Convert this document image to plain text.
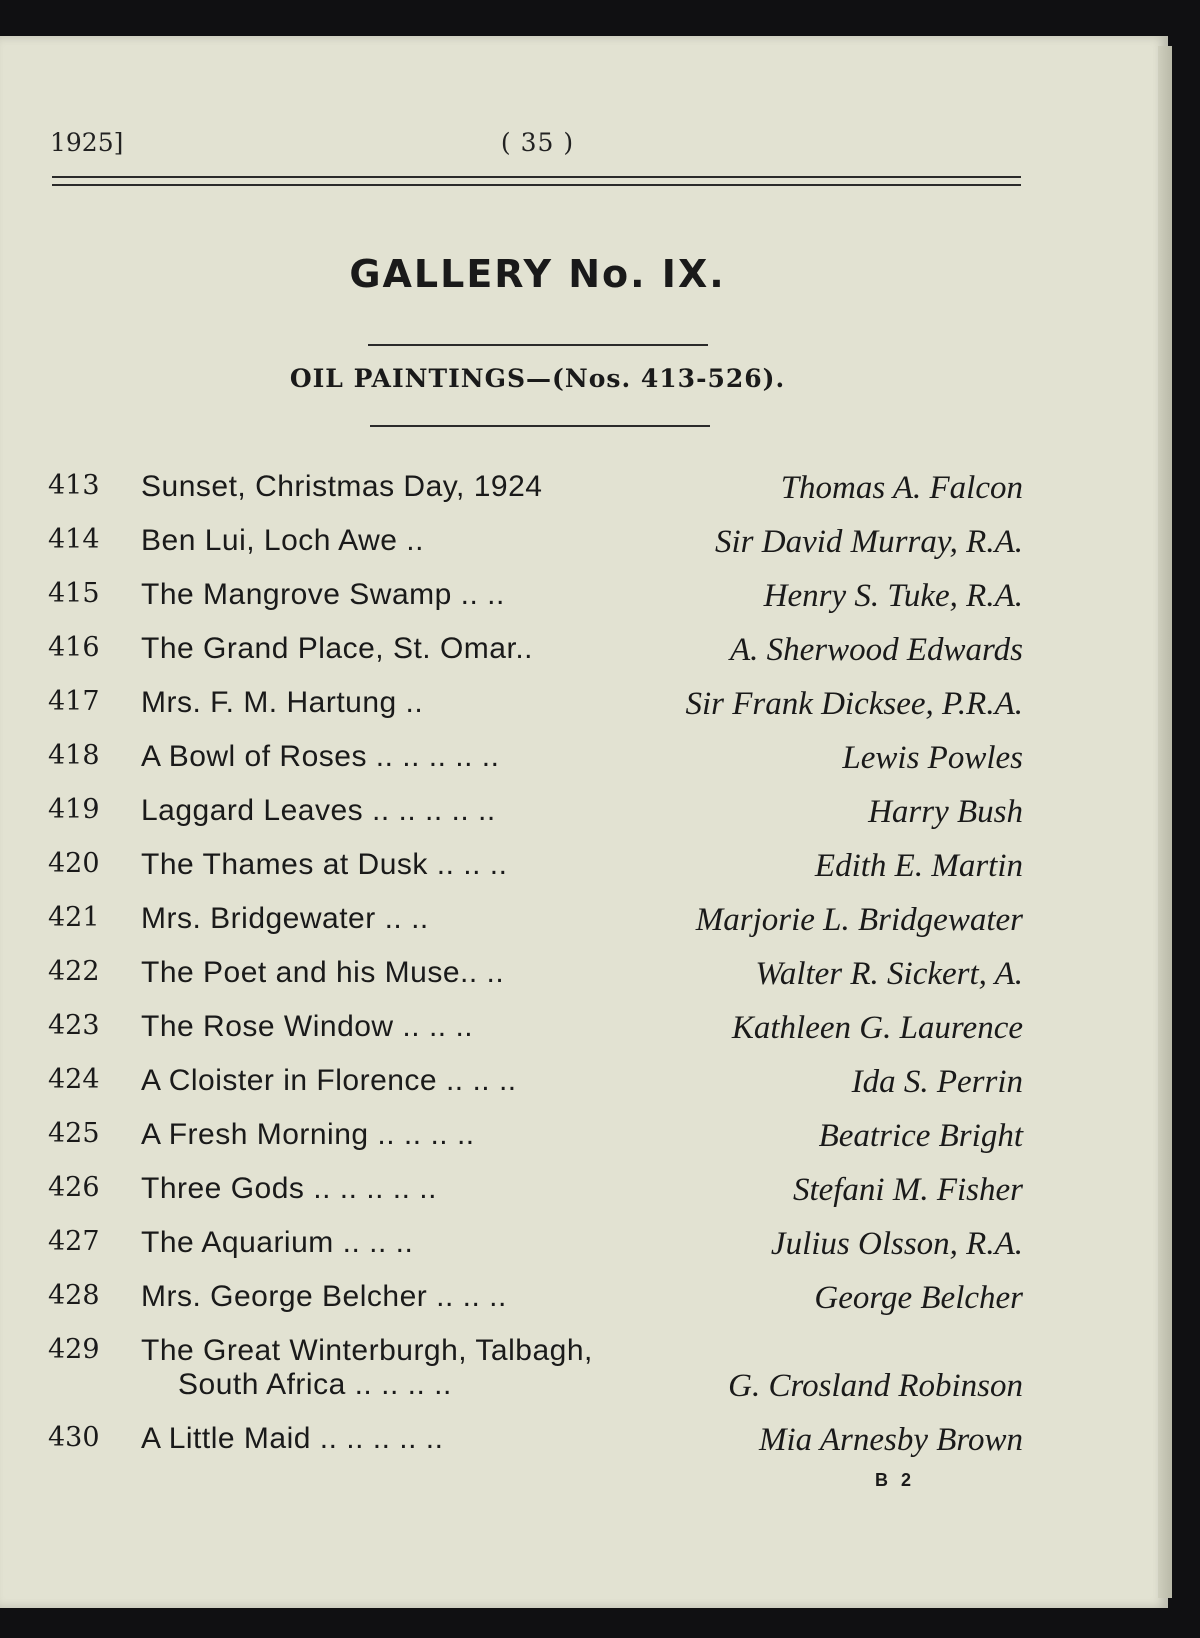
1925]	( 35 )
GALLERY No. IX.
OIL PAINTINGS—(Nos. 413-526).
413 Sunset, Christmas Day, 1924	Thomas A. Falcon
414 Ben Lui, Loch Awe ..	Sir David Murray, R.A.
415 The Mangrove Swamp .. ..	Henry S. Tuke, R.A.
416 The Grand Place, St. Omar..	A. Sherwood Edwards
417 Mrs. F. M. Hartung ..	Sir Frank Dicksee, P.R.A.
418 A Bowl of Roses .. .. .. .. ..	Lewis Powles
419 Laggard Leaves .. .. .. .. ..	Harry Bush
420 The Thames at Dusk .. .. ..	Edith E. Martin
421 Mrs. Bridgewater .. ..	Marjorie L. Bridgewater
422 The Poet and his Muse.. ..	Walter R. Sickert, A.
423 The Rose Window .. .. ..	Kathleen G. Laurence
424 A Cloister in Florence .. .. ..	Ida S. Perrin
425 A Fresh Morning .. .. .. ..	Beatrice Bright
426 Three Gods .. .. .. .. ..	Stefani M. Fisher
427 The Aquarium .. .. ..	Julius Olsson, R.A.
428 Mrs. George Belcher .. .. ..	George Belcher
429 The Great Winterburgh, Talbagh,
South Africa .. .. .. ..	G. Crosland Robinson
430 A Little Maid .. .. .. .. ..	Mia Arnesby Brown
B 2
